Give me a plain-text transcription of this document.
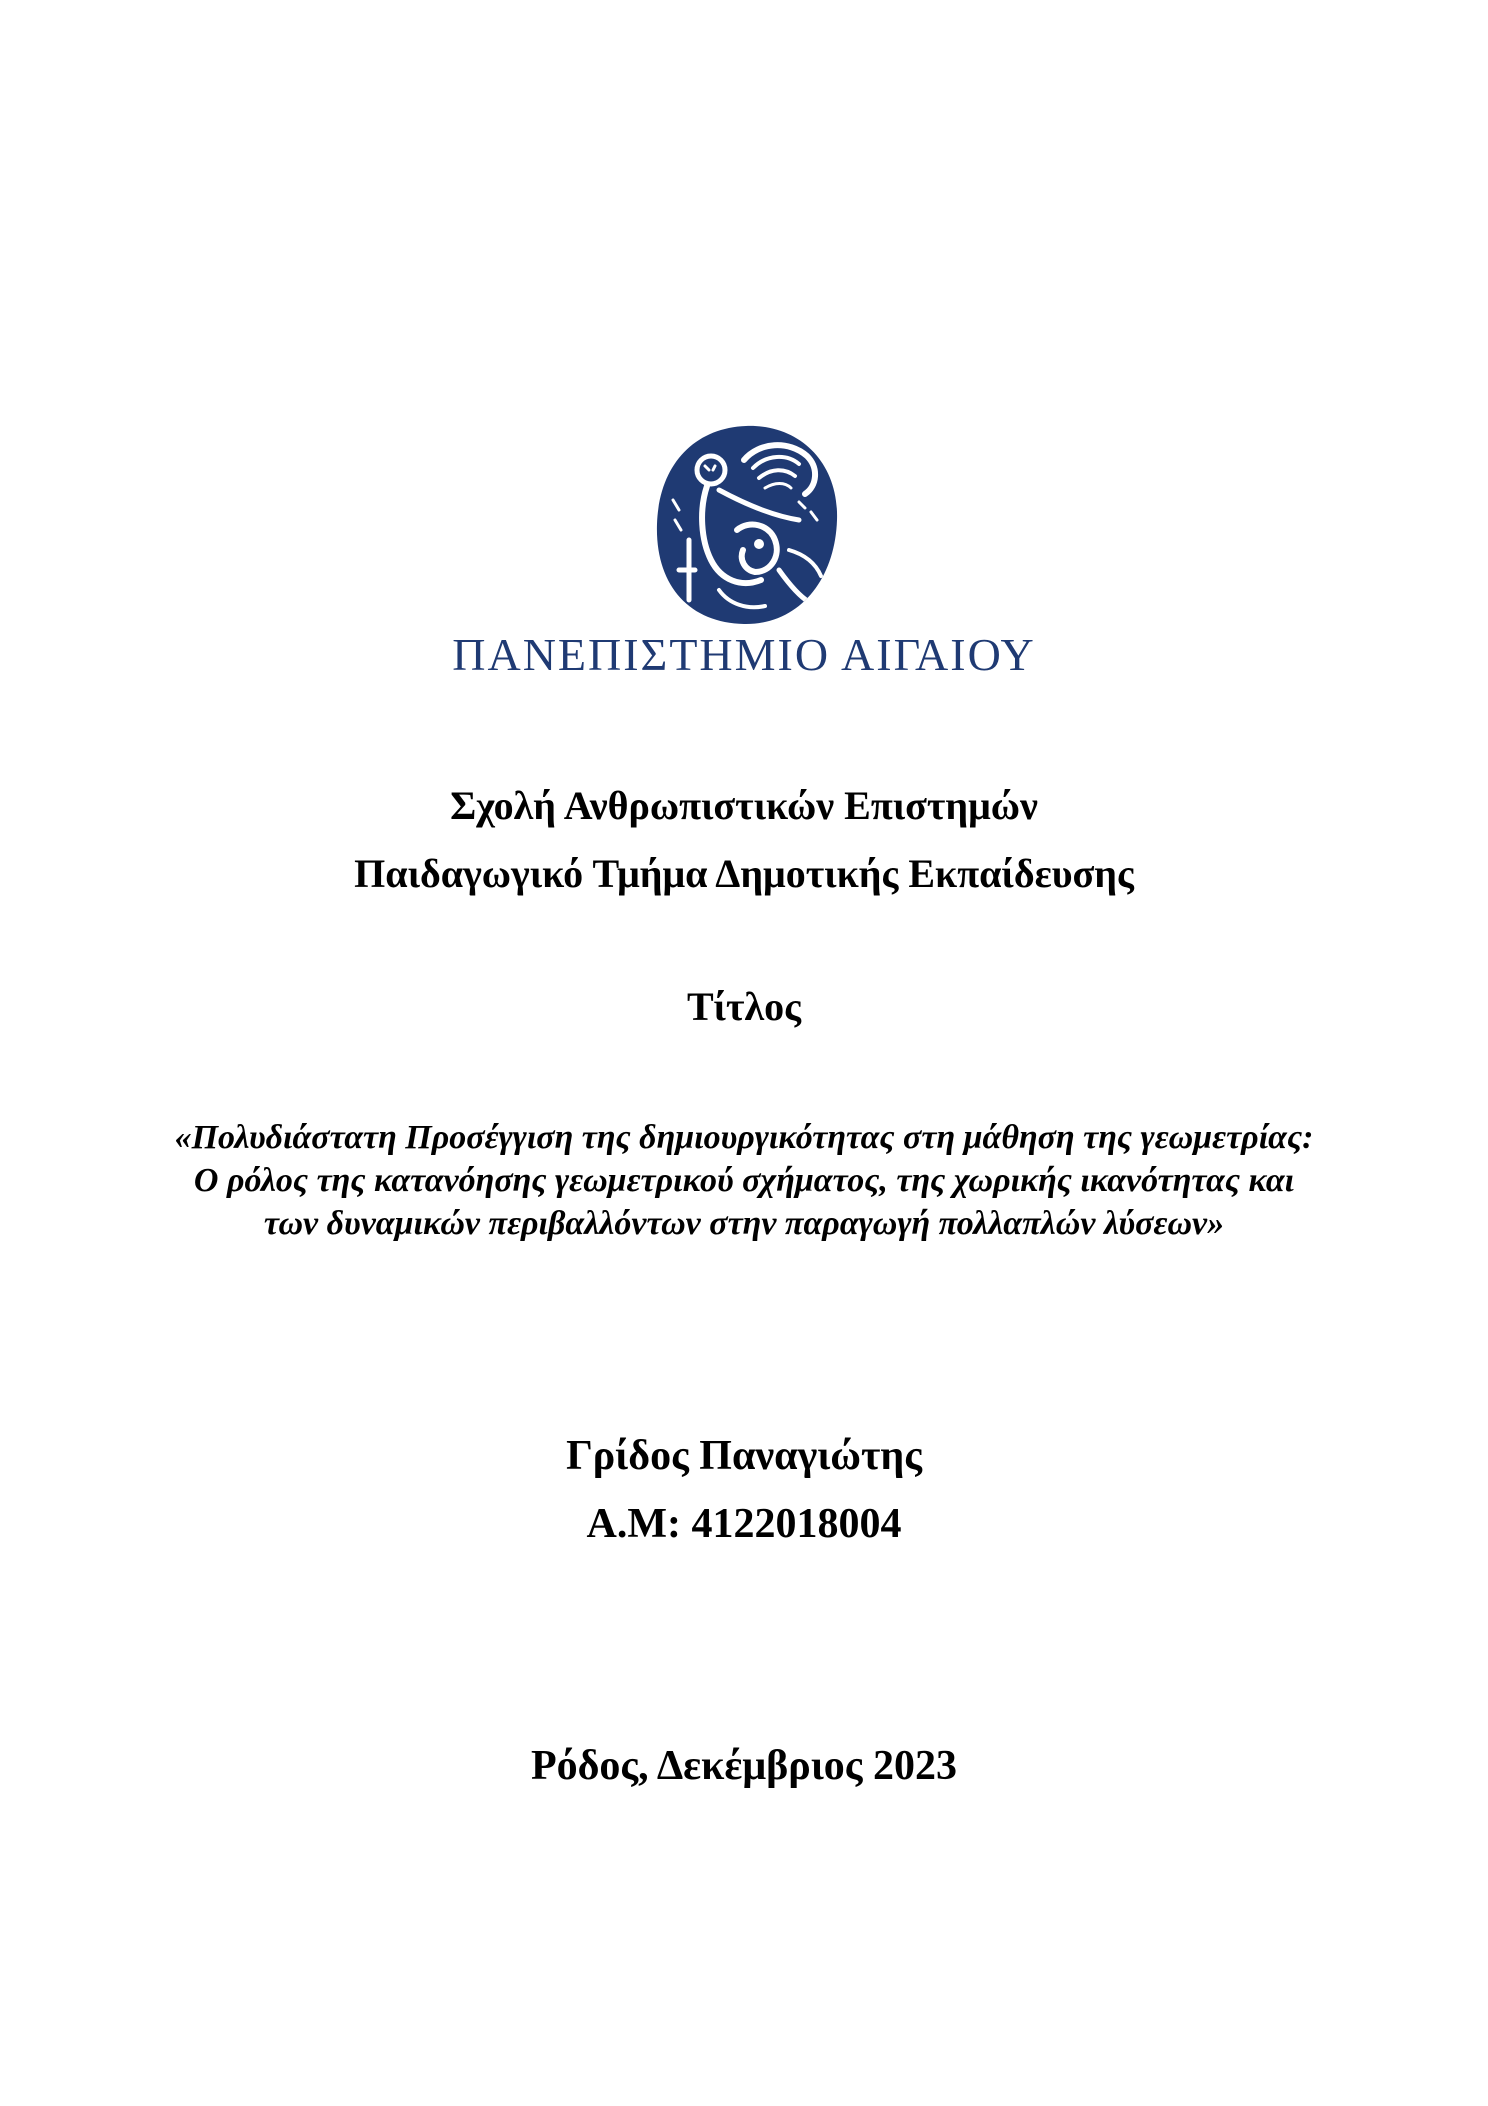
ΠΑΝΕΠΙΣΤΗΜΙΟ ΑΙΓΑΙΟΥ
Σχολή Ανθρωπιστικών Επιστημών
Παιδαγωγικό Τμήμα Δημοτικής Εκπαίδευσης
Τίτλος
«Πολυδιάστατη Προσέγγιση της δημιουργικότητας στη μάθηση της γεωμετρίας: Ο ρόλος της κατανόησης γεωμετρικού σχήματος, της χωρικής ικανότητας και των δυναμικών περιβαλλόντων στην παραγωγή πολλαπλών λύσεων»
Γρίδος Παναγιώτης
Α.Μ: 4122018004
Ρόδος, Δεκέμβριος 2023
